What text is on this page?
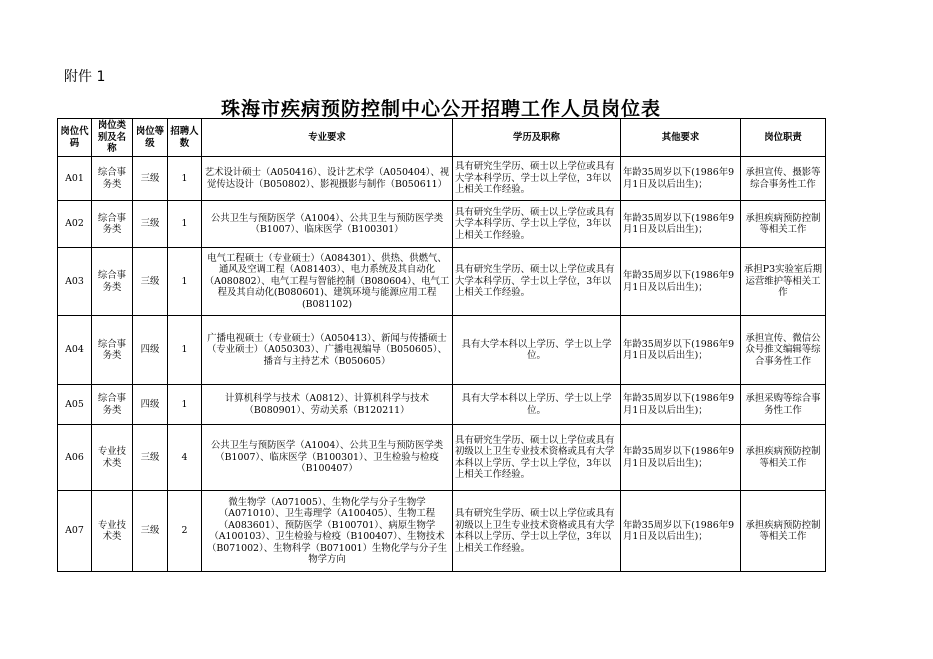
附件 1
珠海市疾病预防控制中心公开招聘工作人员岗位表
岗位代码	岗位类别及名称	岗位等级	招聘人数	专业要求	学历及职称	其他要求	岗位职责
A01	综合事务类	三级	1	艺术设计硕士（A050416）、设计艺术学（A050404）、视觉传达设计（B050802）、影视摄影与制作（B050611）	具有研究生学历、硕士以上学位或具有大学本科学历、学士以上学位，3年以上相关工作经验。	年龄35周岁以下(1986年9月1日及以后出生)；	承担宣传、摄影等综合事务性工作
A02	综合事务类	三级	1	公共卫生与预防医学（A1004）、公共卫生与预防医学类（B1007）、临床医学（B100301）	具有研究生学历、硕士以上学位或具有大学本科学历、学士以上学位，3年以上相关工作经验。	年龄35周岁以下(1986年9月1日及以后出生)；	承担疾病预防控制等相关工作
A03	综合事务类	三级	1	电气工程硕士（专业硕士）（A084301）、供热、供燃气、通风及空调工程（A081403）、电力系统及其自动化（A080802）、电气工程与智能控制（B080604）、电气工程及其自动化(B080601)、建筑环境与能源应用工程(B081102)	具有研究生学历、硕士以上学位或具有大学本科学历、学士以上学位，3年以上相关工作经验。	年龄35周岁以下(1986年9月1日及以后出生)；	承担P3实验室后期运营维护等相关工作
A04	综合事务类	四级	1	广播电视硕士（专业硕士）（A050413）、新闻与传播硕士（专业硕士）（A050303）、广播电视编导（B050605）、播音与主持艺术（B050605）	具有大学本科以上学历、学士以上学位。	年龄35周岁以下(1986年9月1日及以后出生)；	承担宣传、微信公众号推文编辑等综合事务性工作
A05	综合事务类	四级	1	计算机科学与技术（A0812）、计算机科学与技术（B080901）、劳动关系（B120211）	具有大学本科以上学历、学士以上学位。	年龄35周岁以下(1986年9月1日及以后出生)；	承担采购等综合事务性工作
A06	专业技术类	三级	4	公共卫生与预防医学（A1004）、公共卫生与预防医学类（B1007）、临床医学（B100301）、卫生检验与检疫（B100407）	具有研究生学历、硕士以上学位或具有初级以上卫生专业技术资格或具有大学本科以上学历、学士以上学位，3年以上相关工作经验。	年龄35周岁以下(1986年9月1日及以后出生)；	承担疾病预防控制等相关工作
A07	专业技术类	三级	2	微生物学（A071005）、生物化学与分子生物学（A071010）、卫生毒理学（A100405）、生物工程（A083601）、预防医学（B100701）、病原生物学（A100103）、卫生检验与检疫（B100407）、生物技术（B071002）、生物科学（B071001）生物化学与分子生物学方向	具有研究生学历、硕士以上学位或具有初级以上卫生专业技术资格或具有大学本科以上学历、学士以上学位，3年以上相关工作经验。	年龄35周岁以下(1986年9月1日及以后出生)；	承担疾病预防控制等相关工作
